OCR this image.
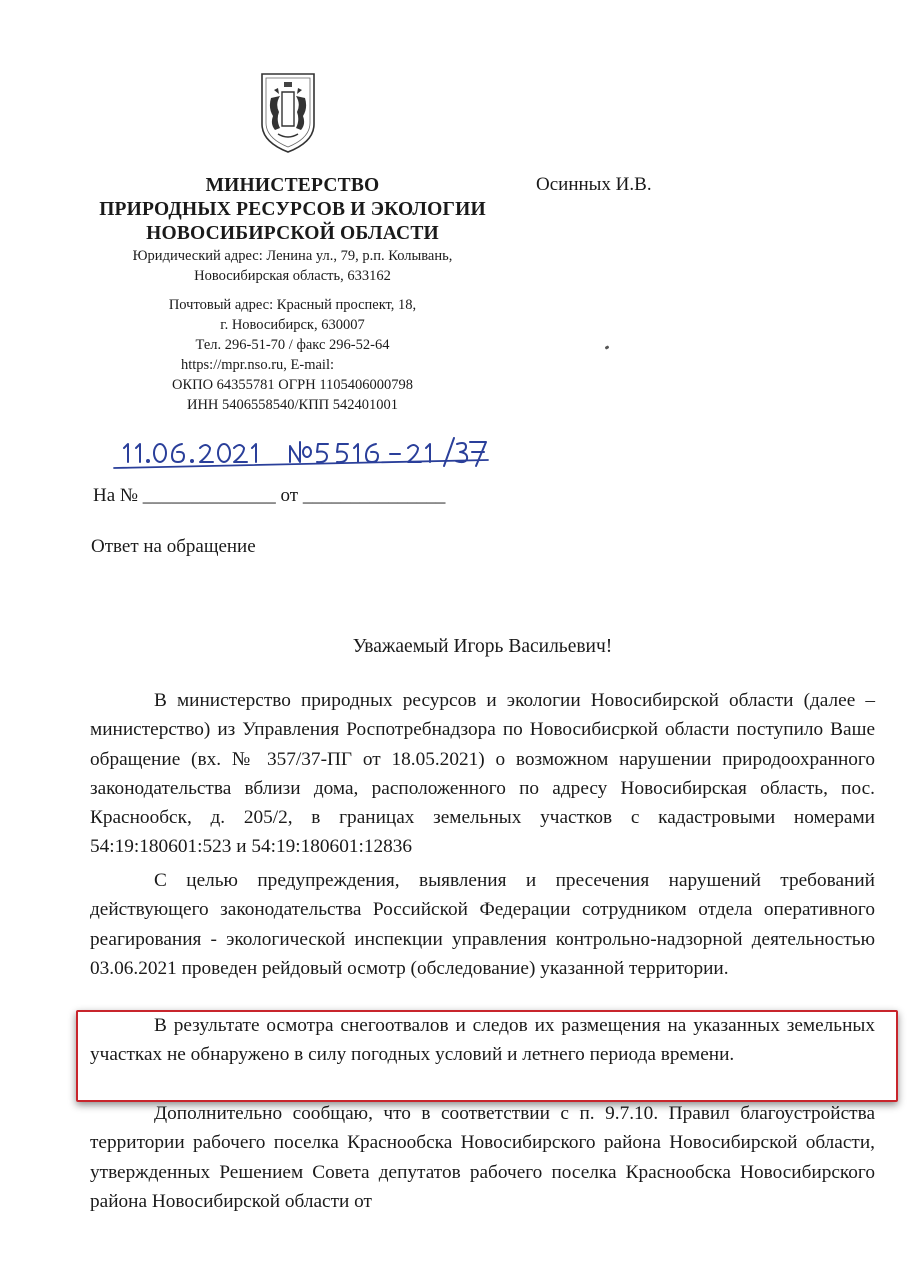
МИНИСТЕРСТВО
ПРИРОДНЫХ РЕСУРСОВ И ЭКОЛОГИИ
НОВОСИБИРСКОЙ ОБЛАСТИ
Юридический адрес: Ленина ул., 79, р.п. Колывань,
Новосибирская область, 633162
Почтовый адрес: Красный проспект, 18,
г. Новосибирск, 630007
Тел. 296-51-70 / факс 296-52-64
https://mpr.nso.ru, E-mail:
ОКПО 64355781 ОГРН 1105406000798
ИНН 5406558540/КПП 542401001
Осинных И.В.
На № ______________ от _______________
Ответ на обращение
Уважаемый Игорь Васильевич!
В министерство природных ресурсов и экологии Новосибирской области (далее – министерство) из Управления Роспотребнадзора по Новосибисркой области поступило Ваше обращение (вх. № 357/37-ПГ от 18.05.2021) о возможном нарушении природоохранного законодательства вблизи дома, расположенного по адресу Новосибирская область, пос. Краснообск, д. 205/2, в границах земельных участков с кадастровыми номерами 54:19:180601:523 и 54:19:180601:12836
С целью предупреждения, выявления и пресечения нарушений требований действующего законодательства Российской Федерации сотрудником отдела оперативного реагирования - экологической инспекции управления контрольно-надзорной деятельностью 03.06.2021 проведен рейдовый осмотр (обследование) указанной территории.
В результате осмотра снегоотвалов и следов их размещения на указанных земельных участках не обнаружено в силу погодных условий и летнего периода времени.
Дополнительно сообщаю, что в соответствии с п. 9.7.10. Правил благоустройства территории рабочего поселка Краснообска Новосибирского района Новосибирской области, утвержденных Решением Совета депутатов рабочего поселка Краснообска Новосибирского района Новосибирской области от
